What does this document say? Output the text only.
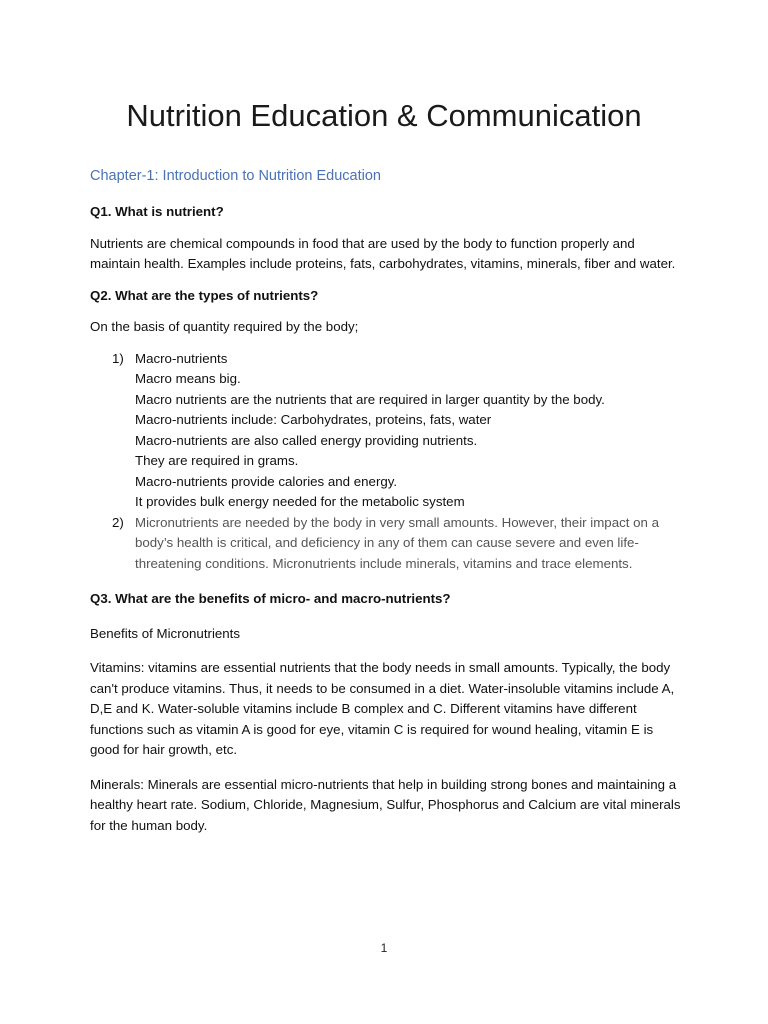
Nutrition Education & Communication
Chapter-1: Introduction to Nutrition Education
Q1. What is nutrient?

Nutrients are chemical compounds in food that are used by the body to function properly and maintain health. Examples include proteins, fats, carbohydrates, vitamins, minerals, fiber and water.

Q2. What are the types of nutrients?

On the basis of quantity required by the body;

1) Macro-nutrients
Macro means big.
Macro nutrients are the nutrients that are required in larger quantity by the body.
Macro-nutrients include: Carbohydrates, proteins, fats, water
Macro-nutrients are also called energy providing nutrients.
They are required in grams.
Macro-nutrients provide calories and energy.
It provides bulk energy needed for the metabolic system
2) Micronutrients are needed by the body in very small amounts. However, their impact on a body’s health is critical, and deficiency in any of them can cause severe and even life-threatening conditions. Micronutrients include minerals, vitamins and trace elements.
Q3. What are the benefits of micro- and macro-nutrients?

Benefits of Micronutrients

Vitamins: vitamins are essential nutrients that the body needs in small amounts. Typically, the body can't produce vitamins. Thus, it needs to be consumed in a diet. Water-insoluble vitamins include A, D,E and K. Water-soluble vitamins include B complex and C. Different vitamins have different functions such as vitamin A is good for eye, vitamin C is required for wound healing, vitamin E is good for hair growth, etc.

Minerals: Minerals are essential micro-nutrients that help in building strong bones and maintaining a healthy heart rate. Sodium, Chloride, Magnesium, Sulfur, Phosphorus and Calcium are vital minerals for the human body.

1
